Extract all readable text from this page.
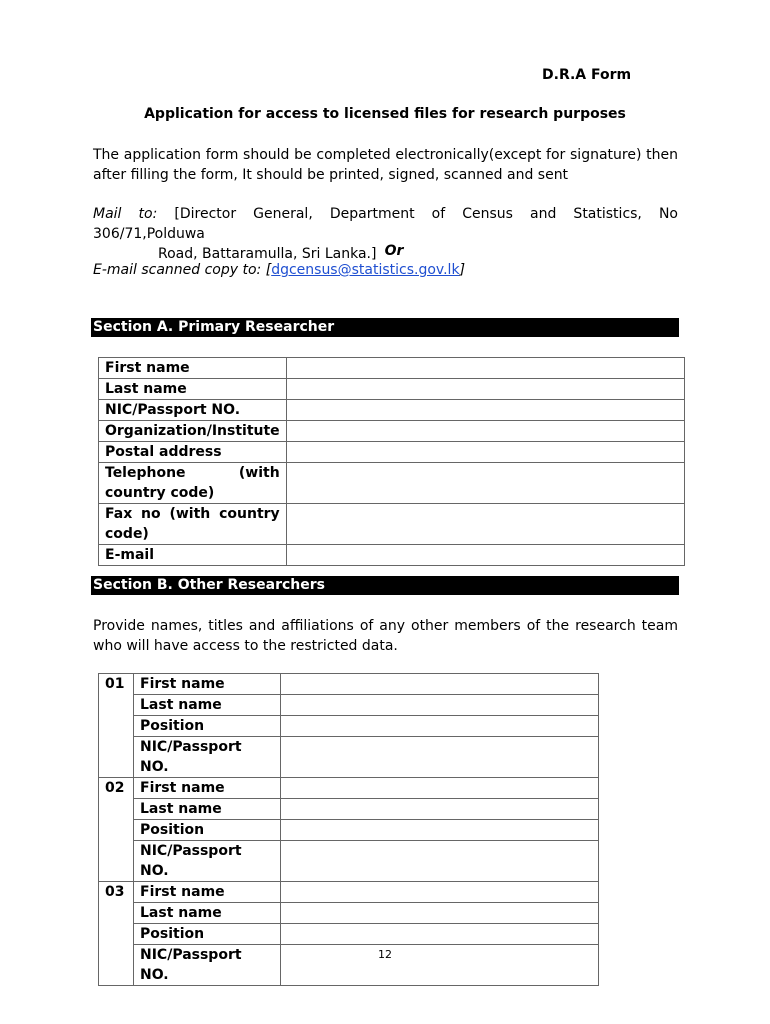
D.R.A Form
Application for access to licensed files for research purposes
The application form should be completed electronically(except for signature) then after filling the form, It should be printed, signed, scanned and sent
Mail to: [Director General, Department of Census and Statistics, No 306/71,Polduwa
Road, Battaramulla, Sri Lanka.] Or
E-mail scanned copy to: [dgcensus@statistics.gov.lk]
Section A. Primary Researcher
First name	
Last name	
NIC/Passport NO.	
Organization/Institute	
Postal address	
Telephone (with country code)	
Fax no (with country code)	
E-mail	
Section B. Other Researchers
Provide names, titles and affiliations of any other members of the research team who will have access to the restricted data.
01	First name	
	Last name	
	Position	
	NIC/Passport NO.	
02	First name	
	Last name	
	Position	
	NIC/Passport NO.	
03	First name	
	Last name	
	Position	
	NIC/Passport NO.	
12
